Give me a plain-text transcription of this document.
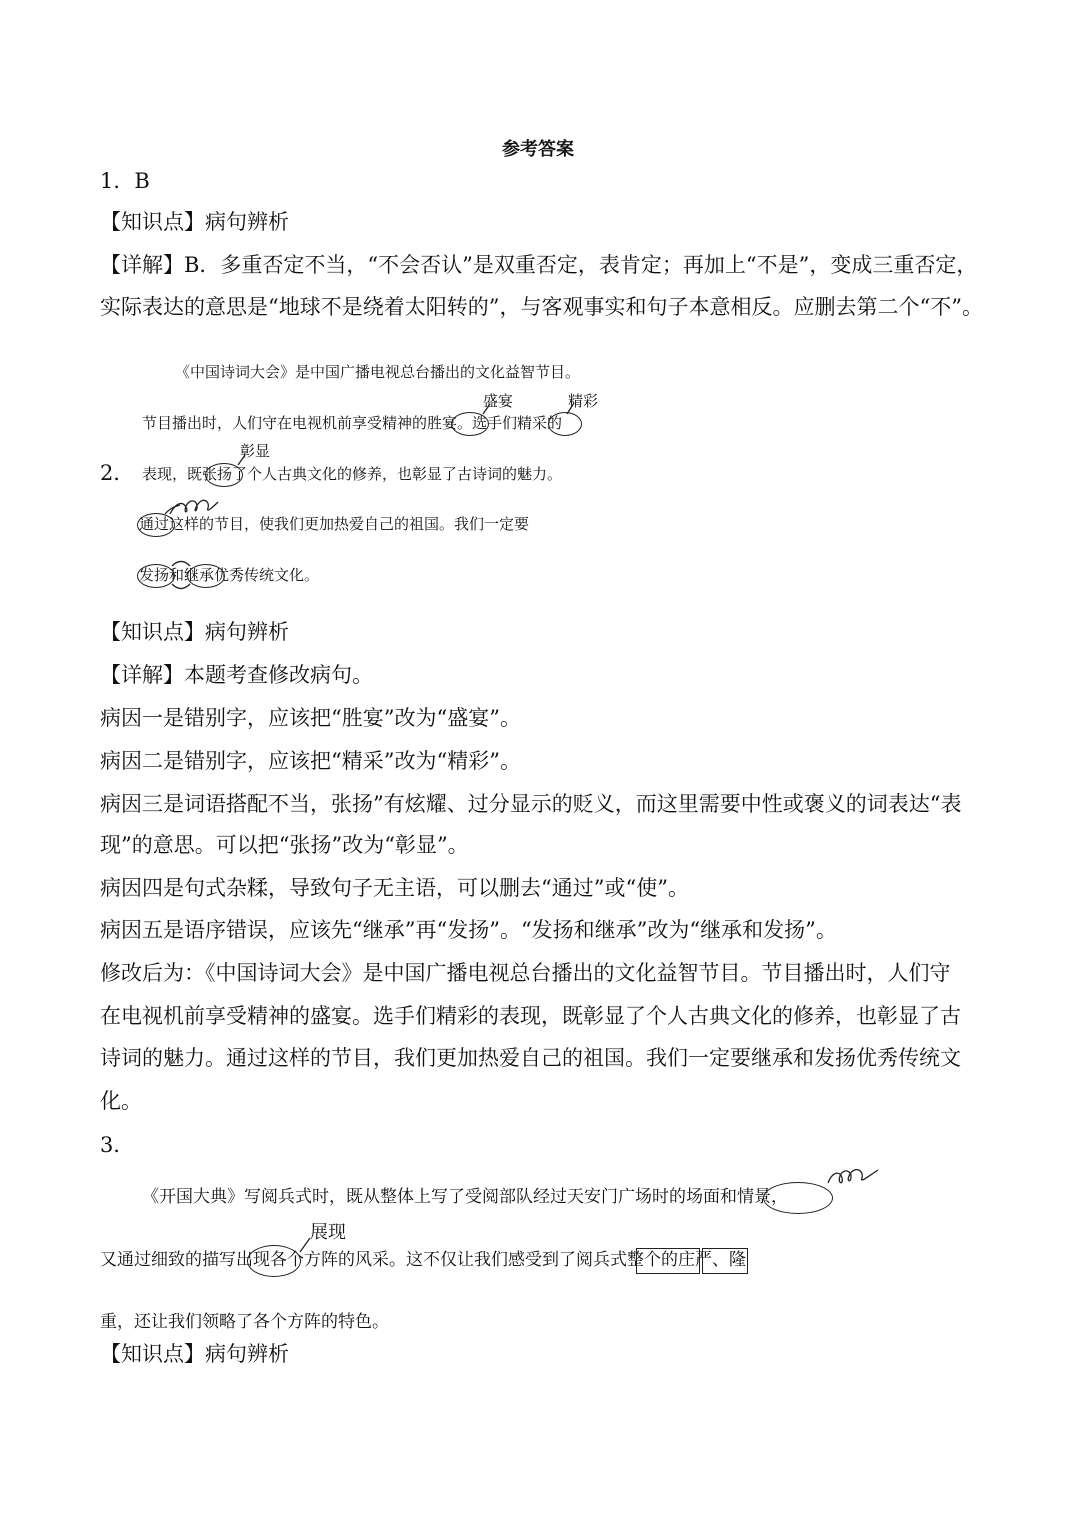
参考答案
1．B
【知识点】病句辨析
【详解】B．多重否定不当，“不会否认”是双重否定，表肯定；再加上“不是”，变成三重否定，
实际表达的意思是“地球不是绕着太阳转的”，与客观事实和句子本意相反。应删去第二个“不”。
2．
《中国诗词大会》是中国广播电视总台播出的文化益智节目。
节目播出时，人们守在电视机前享受精神的胜宴。选手们精采的
表现，既张扬了个人古典文化的修养，也彰显了古诗词的魅力。
通过这样的节目，使我们更加热爱自己的祖国。我们一定要
发扬和继承优秀传统文化。
盛宴	精彩
彰显
【知识点】病句辨析
【详解】本题考查修改病句。
病因一是错别字，应该把“胜宴”改为“盛宴”。
病因二是错别字，应该把“精采”改为“精彩”。
病因三是词语搭配不当，张扬”有炫耀、过分显示的贬义，而这里需要中性或褒义的词表达“表
现”的意思。可以把“张扬”改为“彰显”。
病因四是句式杂糅，导致句子无主语，可以删去“通过”或“使”。
病因五是语序错误，应该先“继承”再“发扬”。“发扬和继承”改为“继承和发扬”。
修改后为：《中国诗词大会》是中国广播电视总台播出的文化益智节目。节目播出时，人们守
在电视机前享受精神的盛宴。选手们精彩的表现，既彰显了个人古典文化的修养，也彰显了古
诗词的魅力。通过这样的节目，我们更加热爱自己的祖国。我们一定要继承和发扬优秀传统文
化。
3．
《开国大典》写阅兵式时，既从整体上写了受阅部队经过天安门广场时的场面和情景，
又通过细致的描写出现各个方阵的风采。这不仅让我们感受到了阅兵式整个的庄严、隆
重，还让我们领略了各个方阵的特色。
展现
【知识点】病句辨析
